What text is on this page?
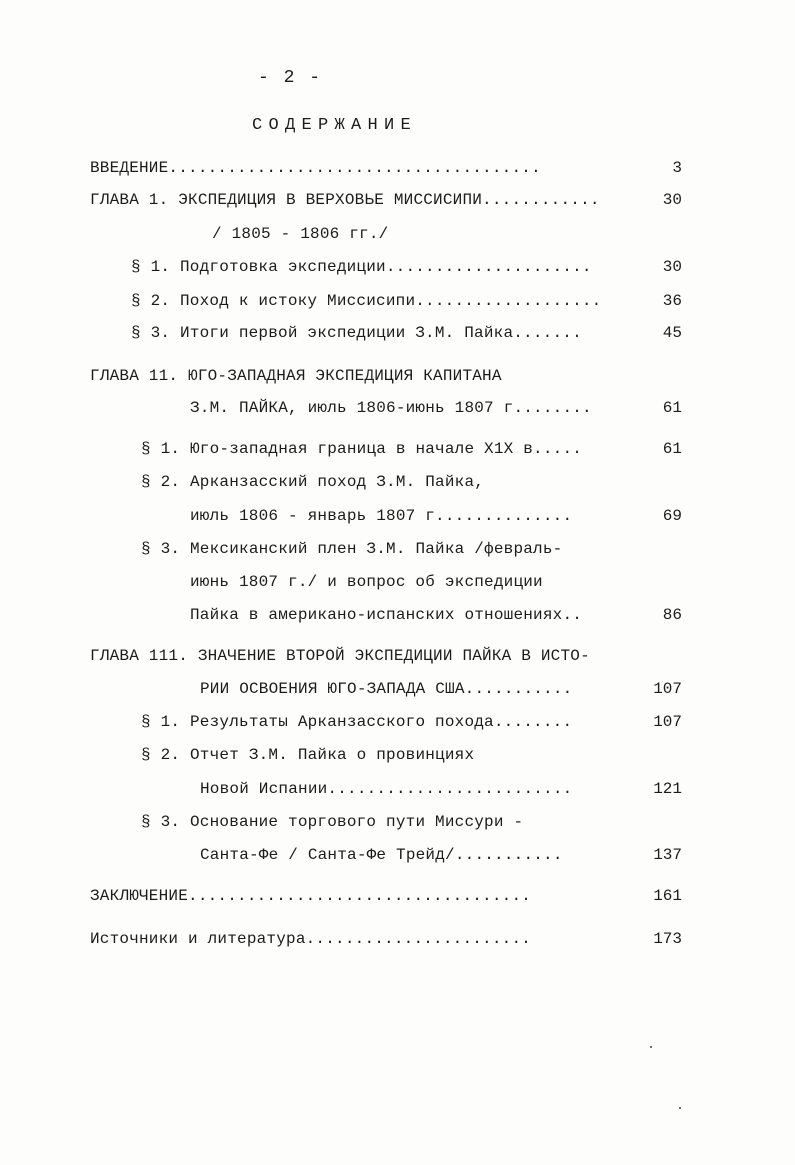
- 2 -
СОДЕРЖАНИЕ
ВВЕДЕНИЕ......................................	3
ГЛАВА 1. ЭКСПЕДИЦИЯ В ВЕРХОВЬЕ МИССИСИПИ............	30
/ 1805 - 1806 гг./
§ 1. Подготовка экспедиции.....................	30
§ 2. Поход к истоку Миссисипи...................	36
§ 3. Итоги первой экспедиции З.М. Пайка.......	45
ГЛАВА 11. ЮГО-ЗАПАДНАЯ ЭКСПЕДИЦИЯ КАПИТАНА
З.М. ПАЙКА, июль 1806-июнь 1807 г........	61
§ 1. Юго-западная граница в начале Х1Х в.....	61
§ 2. Арканзасский поход З.М. Пайка,
июль 1806 - январь 1807 г..............	69
§ 3. Мексиканский плен З.М. Пайка /февраль-
июнь 1807 г./ и вопрос об экспедиции
Пайка в американо-испанских отношениях..	86
ГЛАВА 111. ЗНАЧЕНИЕ ВТОРОЙ ЭКСПЕДИЦИИ ПАЙКА В ИСТО-
РИИ ОСВОЕНИЯ ЮГО-ЗАПАДА США...........	107
§ 1. Результаты Арканзасского похода........	107
§ 2. Отчет З.М. Пайка о провинциях
Новой Испании.........................	121
§ 3. Основание торгового пути Миссури -
Санта-Фе / Санта-Фе Трейд/...........	137
ЗАКЛЮЧЕНИЕ...................................	161
Источники и литература.......................	173
